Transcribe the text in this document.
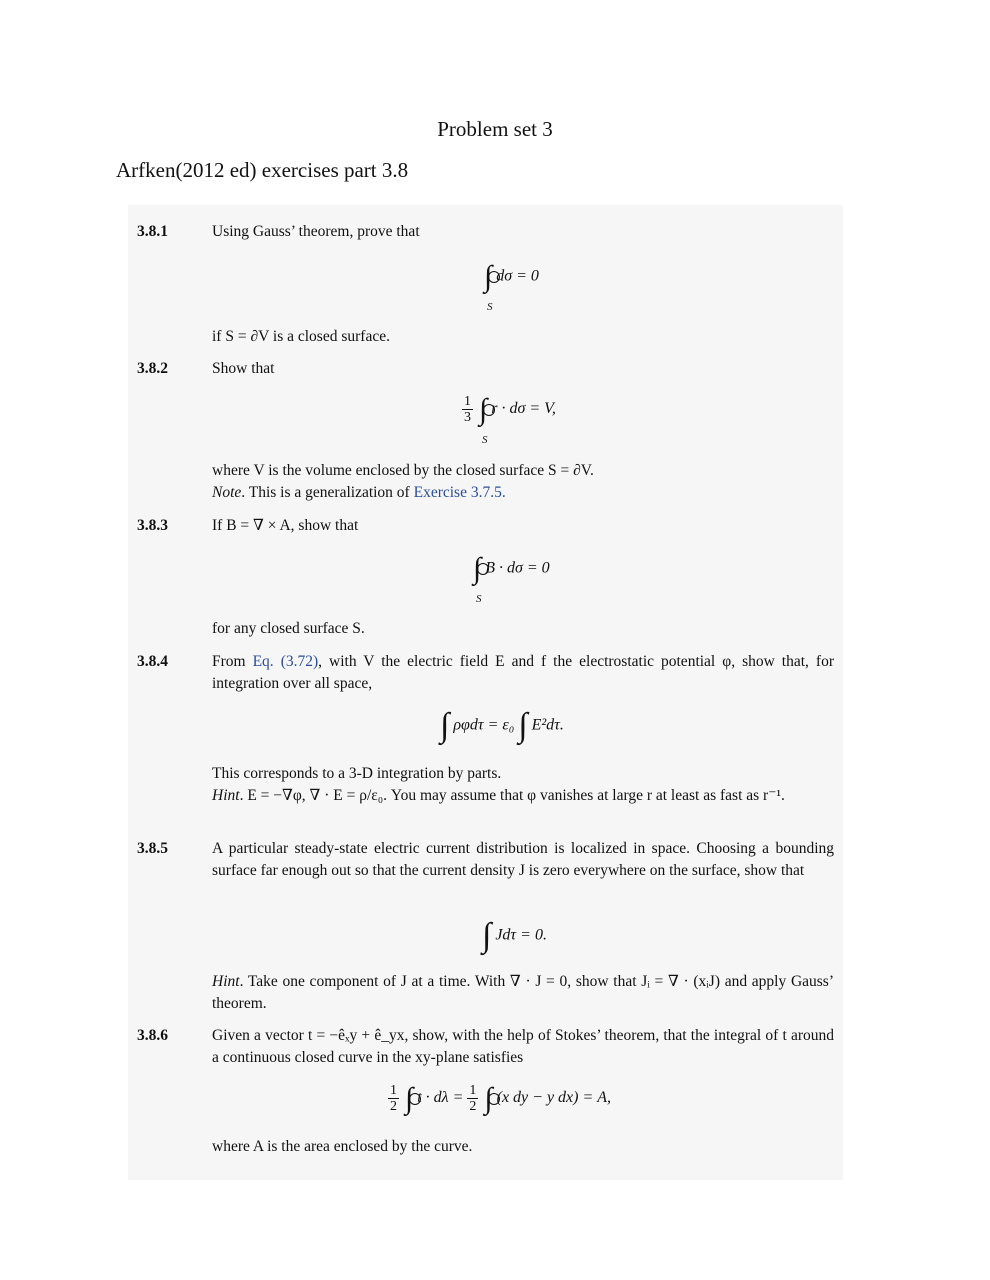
Problem set 3
Arfken(2012 ed) exercises part 3.8
3.8.1	Using Gauss’ theorem, prove that
∫
S
dσ = 0
if S = ∂V is a closed surface.
3.8.2	Show that
$\frac{1}{3}$ ∫
S
r · dσ = V,
where V is the volume enclosed by the closed surface S = ∂V.
Note. This is a generalization of Exercise 3.7.5.
3.8.3	If B = ∇ × A, show that
∫
S
B · dσ = 0
for any closed surface S.
3.8.4	From Eq. (3.72), with V the electric field E and f the electrostatic potential φ, show that, for integration over all space,
∫ ρφdτ = ε₀ ∫ E²dτ.
This corresponds to a 3-D integration by parts.
Hint. E = −∇φ, ∇ · E = ρ/ε₀. You may assume that φ vanishes at large r at least as fast as r⁻¹.
3.8.5	A particular steady-state electric current distribution is localized in space. Choosing a bounding surface far enough out so that the current density J is zero everywhere on the surface, show that
∫ Jdτ = 0.
Hint. Take one component of J at a time. With ∇ · J = 0, show that Jᵢ = ∇ · (xᵢJ) and apply Gauss’ theorem.
3.8.6	Given a vector t = −êₓy + ê_yx, show, with the help of Stokes’ theorem, that the integral of t around a continuous closed curve in the xy-plane satisfies
$\frac{1}{2}$ ∫ $t \cdot d\lambda = \frac{1}{2}$ ∫ (x dy − y dx) = A,
where A is the area enclosed by the curve.
